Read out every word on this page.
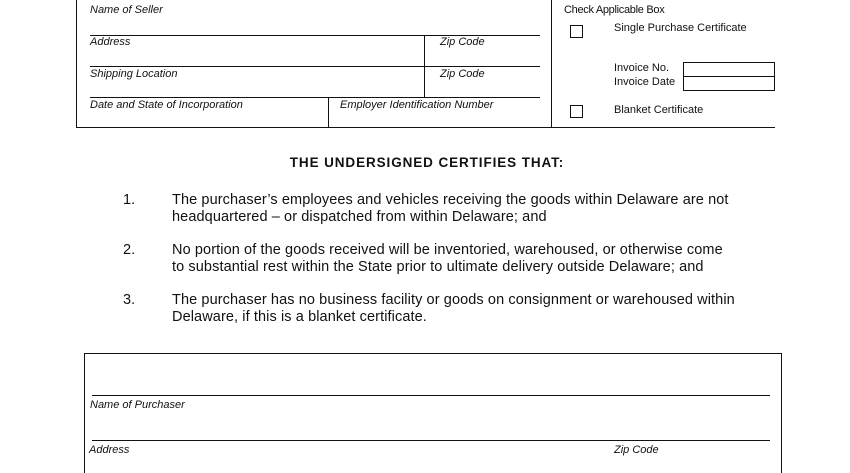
Name of Seller
Address	Zip Code
Shipping Location	Zip Code
Date and State of Incorporation	Employer Identification Number
Check Applicable Box
Single Purchase Certificate
Invoice No.
Invoice Date
Blanket Certificate
THE UNDERSIGNED CERTIFIES THAT:
1.	The purchaser’s employees and vehicles receiving the goods within Delaware are not
headquartered – or dispatched from within Delaware; and
2.	No portion of the goods received will be inventoried, warehoused, or otherwise come
to substantial rest within the State prior to ultimate delivery outside Delaware; and
3.	The purchaser has no business facility or goods on consignment or warehoused within
Delaware, if this is a blanket certificate.
Name of Purchaser
Address	Zip Code
